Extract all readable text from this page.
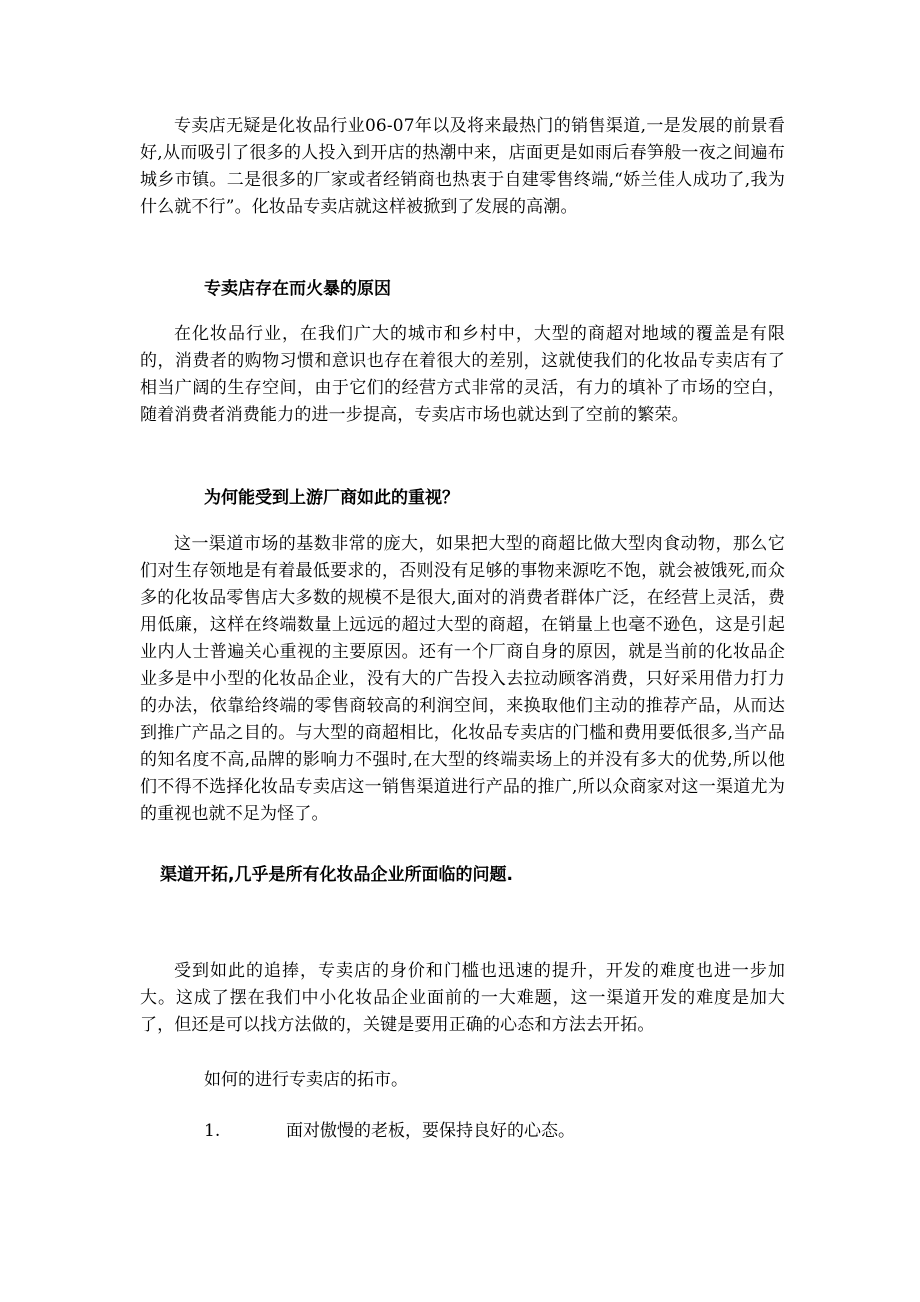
专卖店无疑是化妆品行业06-07年以及将来最热门的销售渠道,一是发展的前景看好,从而吸引了很多的人投入到开店的热潮中来，店面更是如雨后春笋般一夜之间遍布城乡市镇。二是很多的厂家或者经销商也热衷于自建零售终端,“娇兰佳人成功了,我为什么就不行”。化妆品专卖店就这样被掀到了发展的高潮。

专卖店存在而火暴的原因

在化妆品行业，在我们广大的城市和乡村中，大型的商超对地域的覆盖是有限的，消费者的购物习惯和意识也存在着很大的差别，这就使我们的化妆品专卖店有了相当广阔的生存空间，由于它们的经营方式非常的灵活，有力的填补了市场的空白，随着消费者消费能力的进一步提高，专卖店市场也就达到了空前的繁荣。

为何能受到上游厂商如此的重视？

这一渠道市场的基数非常的庞大，如果把大型的商超比做大型肉食动物，那么它们对生存领地是有着最低要求的，否则没有足够的事物来源吃不饱，就会被饿死,而众多的化妆品零售店大多数的规模不是很大,面对的消费者群体广泛，在经营上灵活，费用低廉，这样在终端数量上远远的超过大型的商超，在销量上也毫不逊色，这是引起业内人士普遍关心重视的主要原因。还有一个厂商自身的原因，就是当前的化妆品企业多是中小型的化妆品企业，没有大的广告投入去拉动顾客消费，只好采用借力打力的办法，依靠给终端的零售商较高的利润空间，来换取他们主动的推荐产品，从而达到推广产品之目的。与大型的商超相比，化妆品专卖店的门槛和费用要低很多,当产品的知名度不高,品牌的影响力不强时,在大型的终端卖场上的并没有多大的优势,所以他们不得不选择化妆品专卖店这一销售渠道进行产品的推广,所以众商家对这一渠道尤为的重视也就不足为怪了。

渠道开拓,几乎是所有化妆品企业所面临的问题.

受到如此的追捧，专卖店的身价和门槛也迅速的提升，开发的难度也进一步加大。这成了摆在我们中小化妆品企业面前的一大难题，这一渠道开发的难度是加大了，但还是可以找方法做的，关键是要用正确的心态和方法去开拓。

如何的进行专卖店的拓市。

1.	面对傲慢的老板，要保持良好的心态。
